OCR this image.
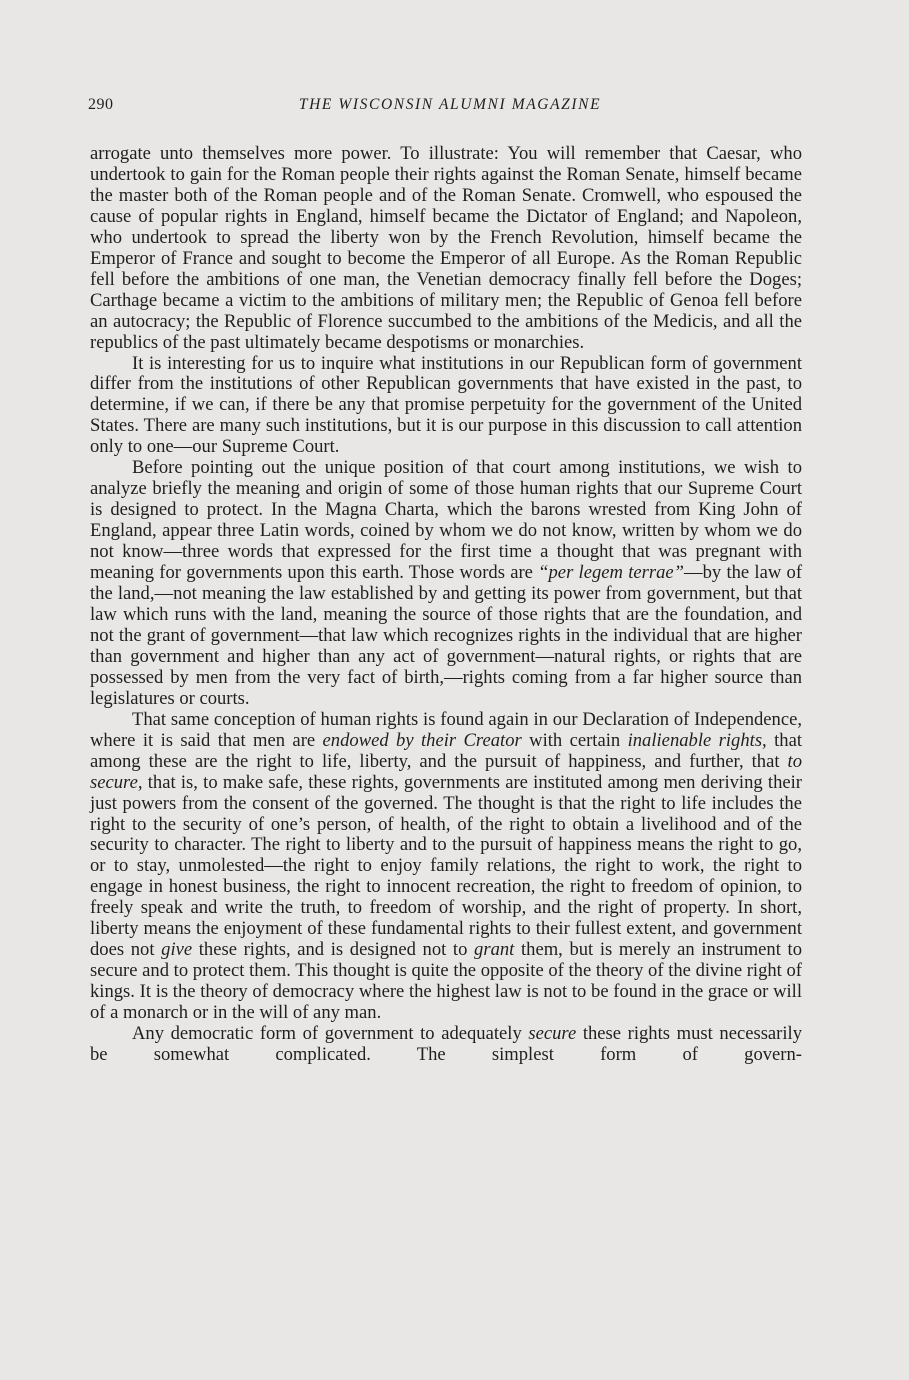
290	THE WISCONSIN ALUMNI MAGAZINE

arrogate unto themselves more power. To illustrate: You will remember that Caesar, who undertook to gain for the Roman people their rights against the Roman Senate, himself became the master both of the Roman people and of the Roman Senate. Cromwell, who espoused the cause of popular rights in England, himself became the Dictator of England; and Napoleon, who undertook to spread the liberty won by the French Revolution, himself became the Emperor of France and sought to become the Emperor of all Europe. As the Roman Republic fell before the ambitions of one man, the Venetian democracy finally fell before the Doges; Carthage became a victim to the ambitions of military men; the Republic of Genoa fell before an autocracy; the Republic of Florence succumbed to the ambitions of the Medicis, and all the republics of the past ultimately became despotisms or monarchies.

It is interesting for us to inquire what institutions in our Republican form of government differ from the institutions of other Republican governments that have existed in the past, to determine, if we can, if there be any that promise perpetuity for the government of the United States. There are many such institutions, but it is our purpose in this discussion to call attention only to one—our Supreme Court.

Before pointing out the unique position of that court among institutions, we wish to analyze briefly the meaning and origin of some of those human rights that our Supreme Court is designed to protect. In the Magna Charta, which the barons wrested from King John of England, appear three Latin words, coined by whom we do not know, written by whom we do not know—three words that expressed for the first time a thought that was pregnant with meaning for governments upon this earth. Those words are “per legem terrae”—by the law of the land,—not meaning the law established by and getting its power from government, but that law which runs with the land, meaning the source of those rights that are the foundation, and not the grant of government—that law which recognizes rights in the individual that are higher than government and higher than any act of government—natural rights, or rights that are possessed by men from the very fact of birth,—rights coming from a far higher source than legislatures or courts.

That same conception of human rights is found again in our Declaration of Independence, where it is said that men are endowed by their Creator with certain inalienable rights, that among these are the right to life, liberty, and the pursuit of happiness, and further, that to secure, that is, to make safe, these rights, governments are instituted among men deriving their just powers from the consent of the governed. The thought is that the right to life includes the right to the security of one’s person, of health, of the right to obtain a livelihood and of the security to character. The right to liberty and to the pursuit of happiness means the right to go, or to stay, unmolested—the right to enjoy family relations, the right to work, the right to engage in honest business, the right to innocent recreation, the right to freedom of opinion, to freely speak and write the truth, to freedom of worship, and the right of property. In short, liberty means the enjoyment of these fundamental rights to their fullest extent, and government does not give these rights, and is designed not to grant them, but is merely an instrument to secure and to protect them. This thought is quite the opposite of the theory of the divine right of kings. It is the theory of democracy where the highest law is not to be found in the grace or will of a monarch or in the will of any man.

Any democratic form of government to adequately secure these rights must necessarily be somewhat complicated. The simplest form of govern-
